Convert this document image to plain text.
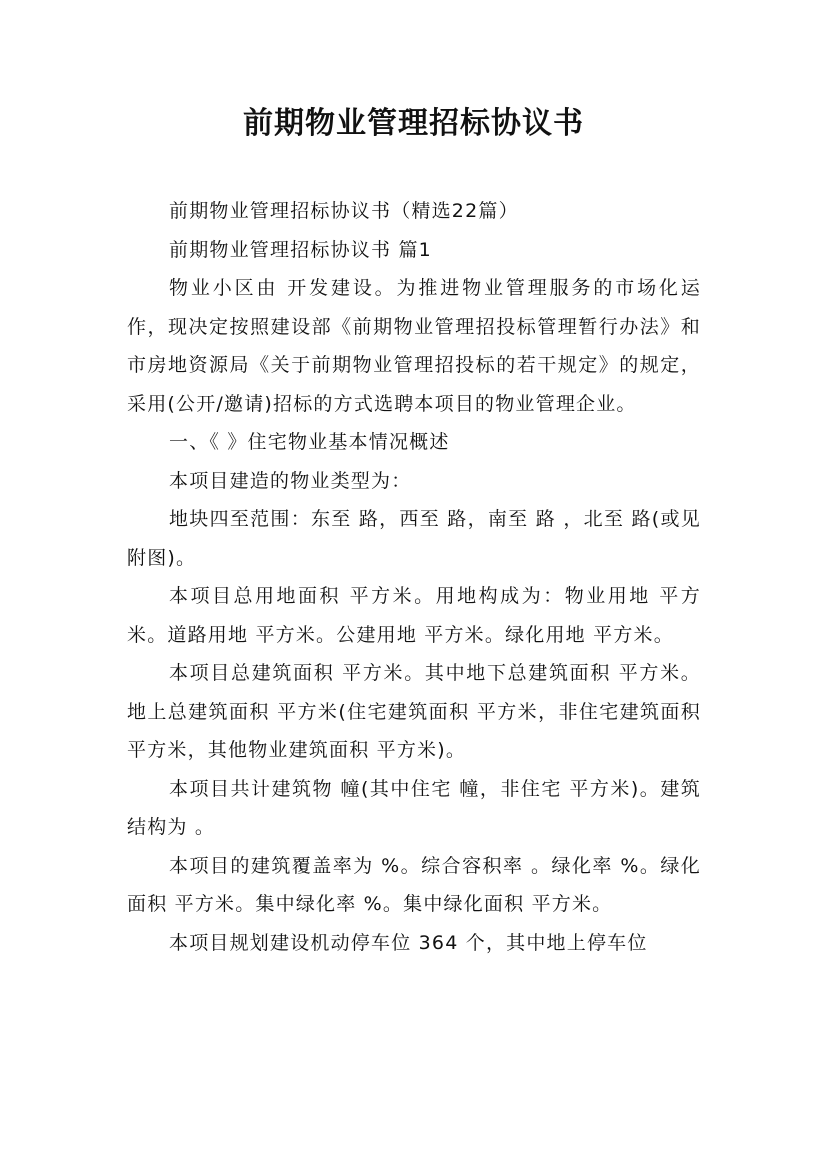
前期物业管理招标协议书

前期物业管理招标协议书（精选22篇）

前期物业管理招标协议书 篇1

物业小区由 开发建设。为推进物业管理服务的市场化运作，现决定按照建设部《前期物业管理招投标管理暂行办法》和市房地资源局《关于前期物业管理招投标的若干规定》的规定，采用(公开/邀请)招标的方式选聘本项目的物业管理企业。

一、《 》住宅物业基本情况概述

本项目建造的物业类型为：

地块四至范围：东至 路，西至 路，南至 路 ，北至 路(或见附图)。

本项目总用地面积 平方米。用地构成为：物业用地 平方米。道路用地 平方米。公建用地 平方米。绿化用地 平方米。

本项目总建筑面积 平方米。其中地下总建筑面积 平方米。地上总建筑面积 平方米(住宅建筑面积 平方米，非住宅建筑面积 平方米，其他物业建筑面积 平方米)。

本项目共计建筑物 幢(其中住宅 幢，非住宅 平方米)。建筑结构为 。

本项目的建筑覆盖率为 %。综合容积率 。绿化率 %。绿化面积 平方米。集中绿化率 %。集中绿化面积 平方米。

本项目规划建设机动停车位 364 个，其中地上停车位
